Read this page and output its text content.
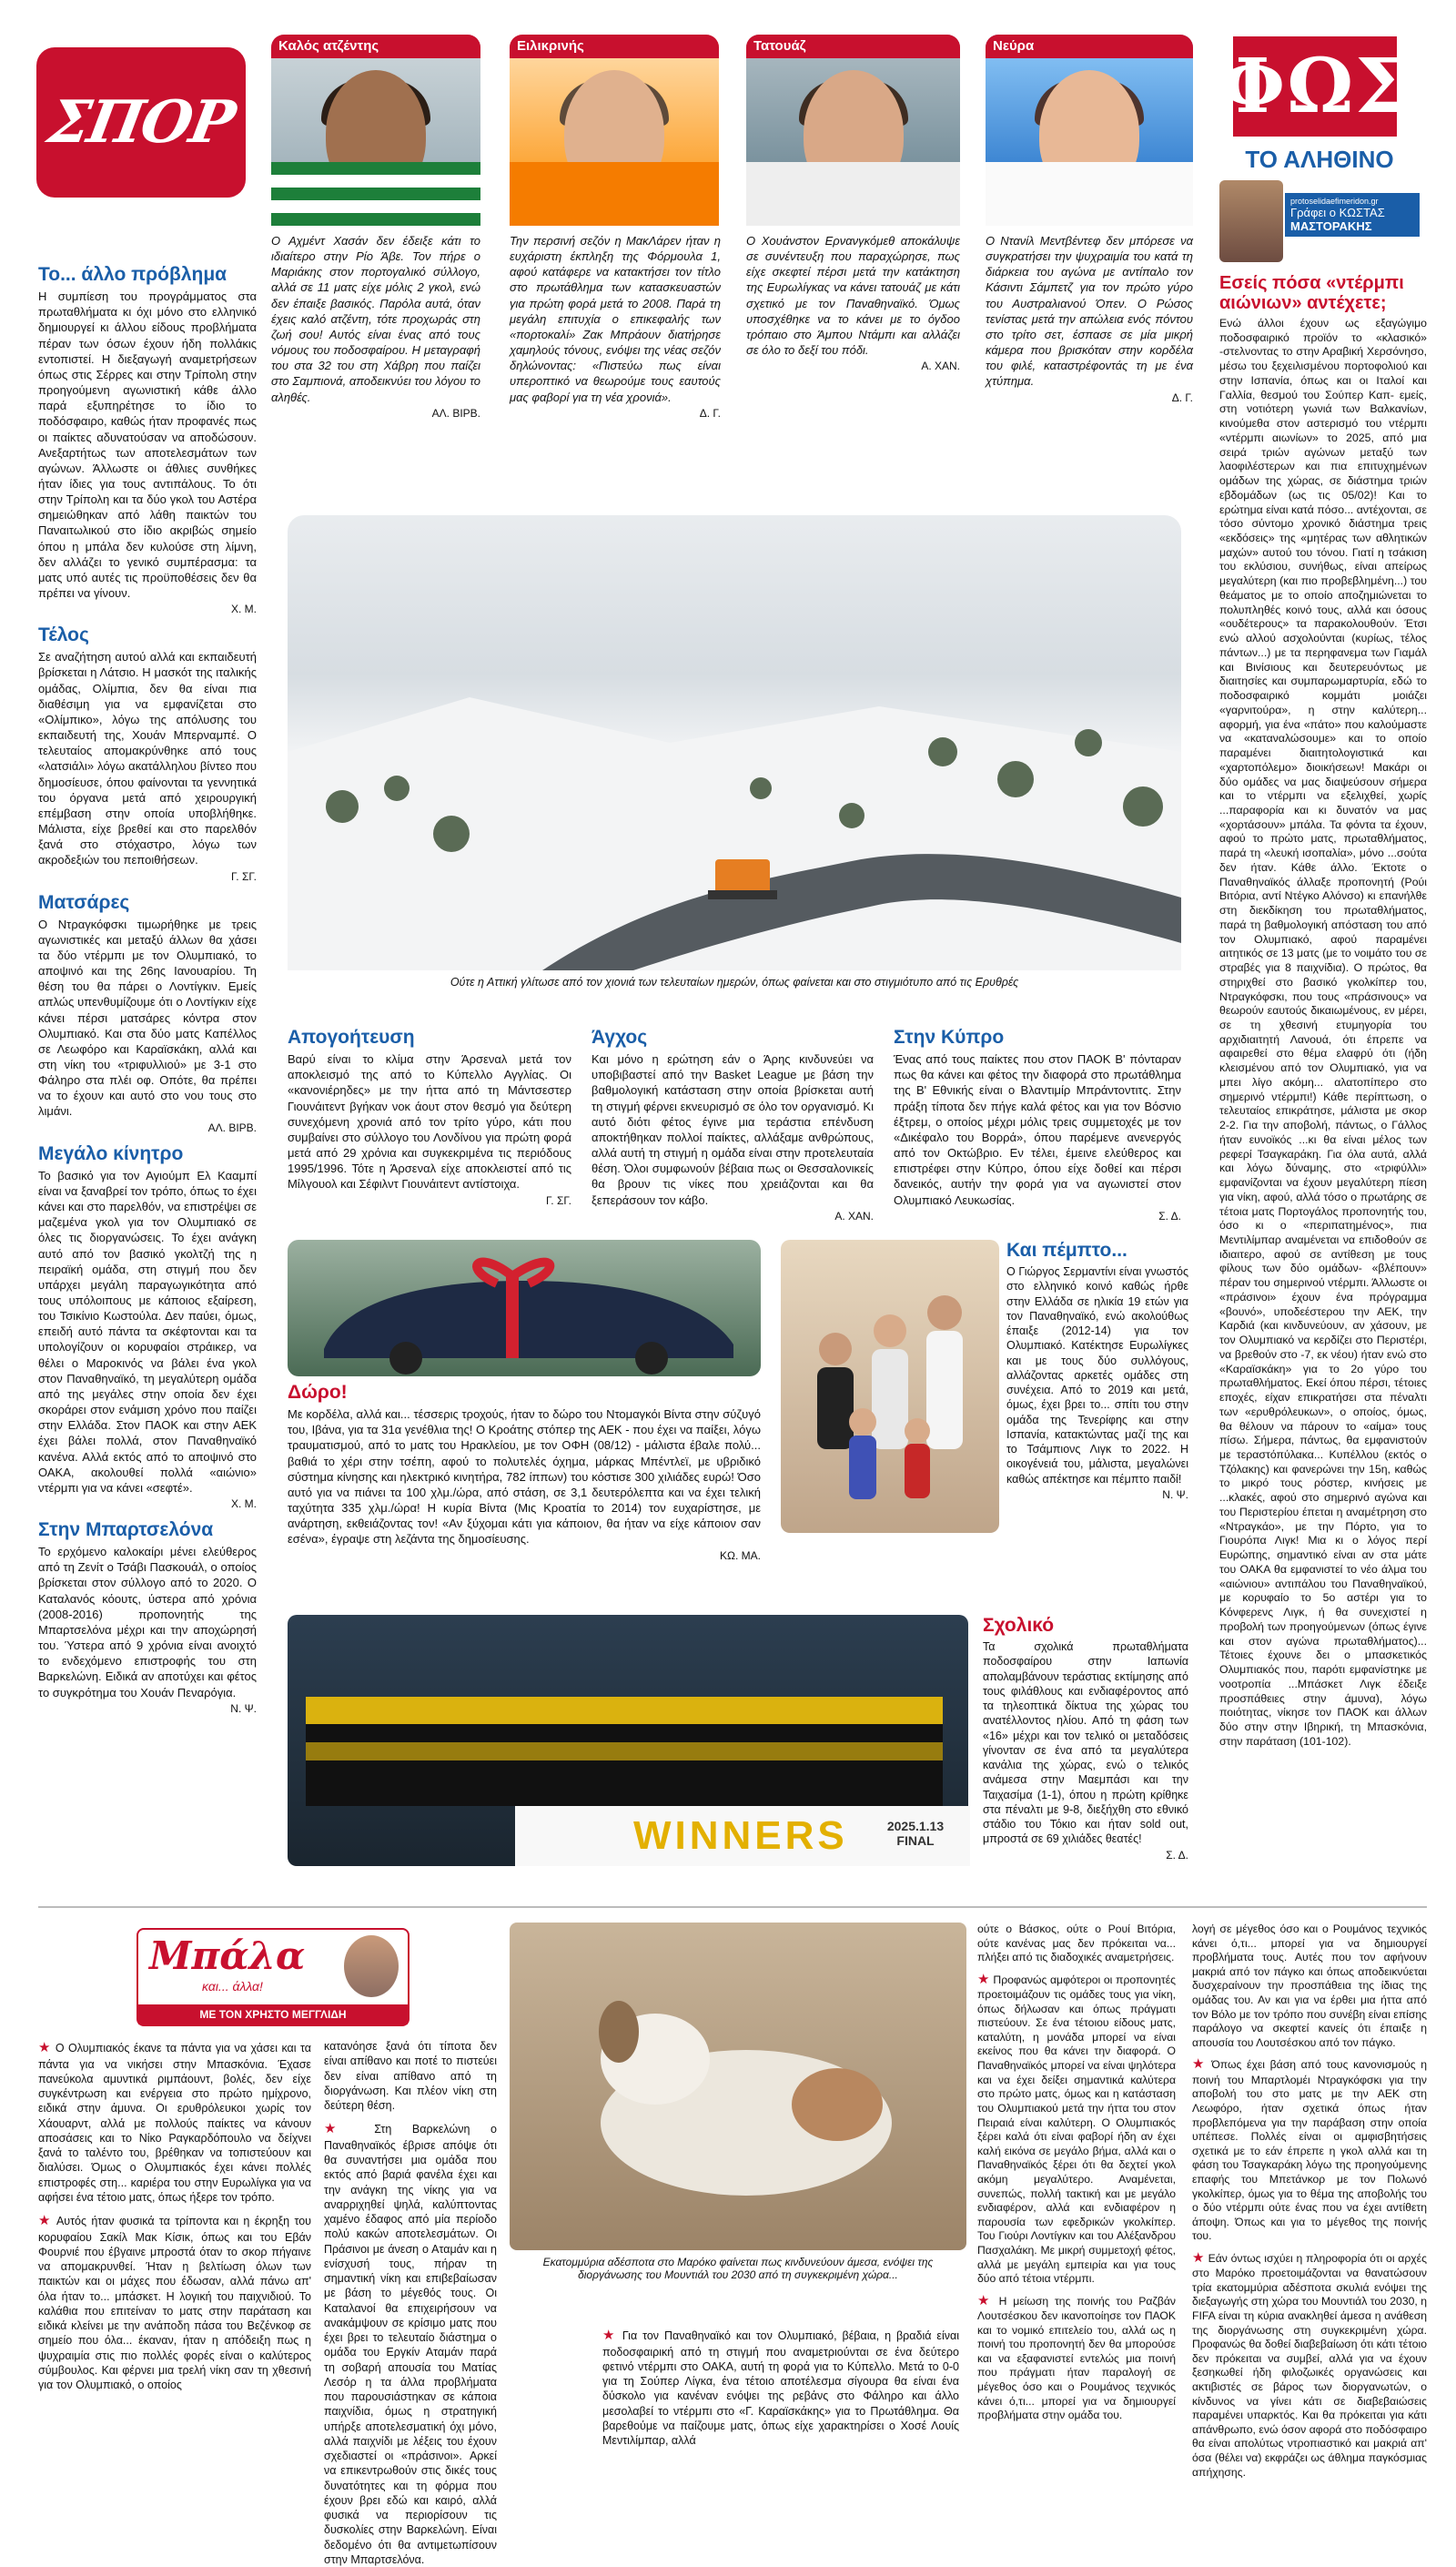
ΣΠΟΡ
Καλός ατζέντης	Ειλικρινής	Τατουάζ	Νεύρα
Ο Αχμέντ Χασάν δεν έδειξε κάτι το ιδιαίτερο στην Ρίο Άβε. Τον πήρε ο Μαριάκης στον πορτογαλικό σύλλογο, αλλά σε 11 ματς είχε μόλις 2 γκολ, ενώ δεν έπαιξε βασικός. Παρόλα αυτά, όταν έχεις καλό ατζέντη, τότε προχωράς στη ζωή σου! Αυτός είναι ένας από τους νόμους του ποδοσφαίρου. Η μεταγραφή του στα 32 του στη Χάβρη που παίζει στο Σαμπιονά, αποδεικνύει του λόγου το αληθές.
ΑΛ. ΒΙΡΒ.
Την περσινή σεζόν η ΜακΛάρεν ήταν η ευχάριστη έκπληξη της Φόρμουλα 1, αφού κατάφερε να κατακτήσει τον τίτλο στο πρωτάθλημα των κατασκευαστών για πρώτη φορά μετά το 2008. Παρά τη μεγάλη επιτυχία ο επικεφαλής των «πορτοκαλί» Ζακ Μπράουν διατήρησε χαμηλούς τόνους, ενόψει της νέας σεζόν δηλώνοντας: «Πιστεύω πως είναι υπεροπτικό να θεωρούμε τους εαυτούς μας φαβορί για τη νέα χρονιά».
Δ. Γ.
Ο Χουάνστον Ερνανγκόμεθ αποκάλυψε σε συνέντευξη που παραχώρησε, πως είχε σκεφτεί πέρσι μετά την κατάκτηση της Ευρωλίγκας να κάνει τατουάζ με κάτι σχετικό με τον Παναθηναϊκό. Όμως υποσχέθηκε να το κάνει με το όγδοο τρόπαιο στο Άμπου Ντάμπι και αλλάζει σε όλο το δεξί του πόδι.
Α. ΧΑΝ.
Ο Ντανίλ Μεντβέντεφ δεν μπόρεσε να συγκρατήσει την ψυχραιμία του κατά τη διάρκεια του αγώνα με αντίπαλο τον Κάσιντι Σάμπετζ για τον πρώτο γύρο του Αυστραλιανού Όπεν. Ο Ρώσος τενίστας μετά την απώλεια ενός πόντου στο τρίτο σετ, έσπασε σε μία μικρή κάμερα που βρισκόταν στην κορδέλα του φιλέ, καταστρέφοντάς τη με ένα χτύπημα.
Δ. Γ.
ΦΩΣ
ΤΟ ΑΛΗΘΙΝΟ
protoselidaefimeridon.gr
Γράφει ο ΚΩΣΤΑΣ
ΜΑΣΤΟΡΑΚΗΣ
Εσείς πόσα «ντέρμπι αιώνιων» αντέχετε;
Ενώ άλλοι έχουν ως εξαγώγιμο ποδοσφαιρικό προϊόν το «κλασικό» -στελνοντας το στην Αραβική Χερσόνησο, μέσω του ξεχειλισμένου πορτοφολιού και στην Ισπανία, όπως και οι Ιταλοί και Γαλλία, θεσμού του Σούπερ Καπ- εμείς, στη νοτιότερη γωνιά των Βαλκανίων, κινούμεθα στον αστερισμό του ντέρμπι «ντέρμπι αιωνίων» το 2025, από μια σειρά τριών αγώνων μεταξύ των λαοφιλέστερων και πια επιτυχημένων ομάδων της χώρας, σε διάστημα τριών εβδομάδων (ως τις 05/02)! Και το ερώτημα είναι κατά πόσο... αντέχονται, σε τόσο σύντομο χρονικό διάστημα τρεις «εκδόσεις» της «μητέρας των αθλητικών μαχών» αυτού του τόνου. Γιατί η τσάκιση του εκλύσιου, συνήθως, είναι απείρως μεγαλύτερη (και πιο προβεβλημένη...) του θεάματος με το οποίο αποζημιώνεται το πολυπληθές κοινό τους, αλλά και όσους «ουδέτερους» τα παρακολουθούν. Έτσι ενώ αλλού ασχολούνται (κυρίως, τέλος πάντων...) με τα περηφανεμα των Γιαμάλ και Βινίσιους και δευτερευόντως με διαιτησίες και συμπαρωμαρτυρία, εδώ το ποδοσφαιρικό κομμάτι μοιάζει «γαρνιτούρα», η στην καλύτερη... αφορμή, για ένα «πάτο» που καλούμαστε να «καταναλώσουμε» και το οποίο παραμένει διαιτητολογιστικά και «χαρτοπόλεμο» διοικήσεων! Μακάρι οι δύο ομάδες να μας διαψεύσουν σήμερα και το ντέρμπι να εξελιχθεί, χωρίς ...παραφορία και κι δυνατόν να μας «χορτάσουν» μπάλα. Τα φόντα τα έχουν, αφού το πρώτο ματς, πρωταθλήματος, παρά τη «λευκή ισοπαλία», μόνο ...σούτα δεν ήταν. Κάθε άλλο. Έκτοτε ο Παναθηναϊκός άλλαξε προπονητή (Ρούι Βιτόρια, αντί Ντέγκο Αλόνσο) κι επανήλθε στη διεκδίκηση του πρωταθλήματος, παρά τη βαθμολογική απόσταση του από τον Ολυμπιακό, αφού παραμένει αιτητικός σε 13 ματς (με το νοιμάτο του σε στραβές για 8 παιχνίδια). Ο πρώτος, θα στηριχθεί στο βασικό γκολκίπερ του, Ντραγκόφσκι, που τους «πράσινους» να θεωρούν εαυτούς δικαιωμένους, εν μέρει, σε τη χθεσινή ετυμηγορία του αρχιδιαιτητή Λανουά, ότι έπρεπε να αφαιρεθεί στο θέμα ελαφρύ ότι (ήδη κλεισμένου από τον Ολυμπιακό, για να μπει λίγο ακόμη... αλατοπίπερο στο σημερινό ντέρμπι!) Κάθε περίπτωση, ο τελευταίος επικράτησε, μάλιστα με σκορ 2-2. Για την αποβολή, πάντως, ο Γάλλος ήταν ευνοϊκός ...κι θα είναι μέλος των ρεφερί Τσαγκαράκη. Για όλα αυτά, αλλά και λόγω δύναμης, στο «τριφύλλι» εμφανίζονται να έχουν μεγαλύτερη πίεση για νίκη, αφού, αλλά τόσο ο πρωτάρης σε τέτοια ματς Πορτογάλος προπονητής του, όσο κι ο «περιπατημένος», πια Μεντιλίμπαρ αναμένεται να επιδοθούν σε ιδιαιτερο, αφού σε αντίθεση με τους φίλους των δύο ομάδων- «βλέπουν» πέραν του σημερινού ντέρμπι. Άλλωστε οι «πράσινοι» έχουν ένα πρόγραμμα «βουνό», υποδεέστερου την ΑΕΚ, την Καρδιά (και κινδυνεύουν, αν χάσουν, με τον Ολυμπιακό να κερδίζει στο Περιστέρι, να βρεθούν στο -7, εκ νέου) ήταν ενώ στο «Καραϊσκάκη» για το 2ο γύρο του πρωταθλήματος. Εκεί όπου πέρσι, τέτοιες εποχές, είχαν επικρατήσει στα πέναλτι των «ερυθρόλευκων», ο οποίος, όμως, θα θέλουν να πάρουν το «αίμα» τους πίσω. Σήμερα, πάντως, θα εμφανιστούν με τεραστόπύλακα... Κυπέλλου (εκτός ο Τζόλακης) και φανερώνει την 15η, καθώς το μικρό τους ρόστερ, κινήσεις με ...κλακές, αφού στο σημερινό αγώνα και του Περιστερίου έπεται η αναμέτρηση στο «Ντραγκάο», με την Πόρτο, για το Γιουρόπα Λιγκ! Μια κι ο λόγος περί Ευρώπης, σημαντικό είναι αν στα μάτε του ΟΑΚΑ θα εμφανιστεί το νέο άλμα του «αιώνιου» αντιπάλου του Παναθηναϊκού, με κορυφαίο το 5ο αστέρι για το Κόνφερενς Λιγκ, ή θα συνεχιστεί η προβολή των προηγούμενων (όπως έγινε και στον αγώνα πρωταθλήματος)... Τέτοιες έχουνε δει ο μπασκετικός Ολυμπιακός που, παρότι εμφανίστηκε με νοοτροπία ...Μπάσκετ Λιγκ έδειξε προσπάθειες στην άμυνα), λόγω ποιότητας, νίκησε τον ΠΑΟΚ και άλλων δύο στην στην Ιβηρική, τη Μπασκόνια, στην παράταση (101-102).
Το... άλλο πρόβλημα
Η συμπίεση του προγράμματος στα πρωταθλήματα κι όχι μόνο στο ελληνικό δημιουργεί κι άλλου είδους προβλήματα πέραν των όσων έχουν ήδη πολλάκις εντοπιστεί. Η διεξαγωγή αναμετρήσεων όπως στις Σέρρες και στην Τρίπολη στην προηγούμενη αγωνιστική κάθε άλλο παρά εξυπηρέτησε το ίδιο το ποδόσφαιρο, καθώς ήταν προφανές πως οι παίκτες αδυνατούσαν να αποδώσουν. Ανεξαρτήτως των αποτελεσμάτων των αγώνων. Άλλωστε οι άθλιες συνθήκες ήταν ίδιες για τους αντιπάλους. Το ότι στην Τρίπολη και τα δύο γκολ του Αστέρα σημειώθηκαν από λάθη παικτών του Παναιτωλικού στο ίδιο ακριβώς σημείο όπου η μπάλα δεν κυλούσε στη λίμνη, δεν αλλάζει το γενικό συμπέρασμα: τα ματς υπό αυτές τις προϋποθέσεις δεν θα πρέπει να γίνουν.
Χ. Μ.
Τέλος
Σε αναζήτηση αυτού αλλά και εκπαιδευτή βρίσκεται η Λάτσιο. Η μασκότ της ιταλικής ομάδας, Ολίμπια, δεν θα είναι πια διαθέσιμη για να εμφανίζεται στο «Ολίμπικο», λόγω της απόλυσης του εκπαιδευτή της, Χουάν Μπερναμπέ. Ο τελευταίος απομακρύνθηκε από τους «λατσιάλι» λόγω ακατάλληλου βίντεο που δημοσίευσε, όπου φαίνονται τα γεννητικά του όργανα μετά από χειρουργική επέμβαση στην οποία υποβλήθηκε. Μάλιστα, είχε βρεθεί και στο παρελθόν ξανά στο στόχαστρο, λόγω των ακροδεξιών του πεποιθήσεων.
Γ. ΣΓ.
Ματσάρες
Ο Ντραγκόφσκι τιμωρήθηκε με τρεις αγωνιστικές και μεταξύ άλλων θα χάσει τα δύο ντέρμπι με τον Ολυμπιακό, το αποψινό και της 26ης Ιανουαρίου. Τη θέση του θα πάρει ο Λοντίγκιν. Εμείς απλώς υπενθυμίζουμε ότι ο Λοντίγκιν είχε κάνει πέρσι ματσάρες κόντρα στον Ολυμπιακό. Και στα δύο ματς Καπέλλος σε Λεωφόρο και Καραϊσκάκη, αλλά και στη νίκη του «τριφυλλιού» με 3-1 στο Φάληρο στα πλέι οφ. Οπότε, θα πρέπει να το έχουν και αυτό στο νου τους στο λιμάνι.
ΑΛ. ΒΙΡΒ.
Μεγάλο κίνητρο
Το βασικό για τον Αγιούμπ Ελ Κααμπί είναι να ξαναβρεί τον τρόπο, όπως το έχει κάνει και στο παρελθόν, να επιστρέψει σε μαζεμένα γκολ για τον Ολυμπιακό σε όλες τις διοργανώσεις. Το έχει ανάγκη αυτό από τον βασικό γκολτζή της η πειραϊκή ομάδα, στη στιγμή που δεν υπάρχει μεγάλη παραγωγικότητα από τους υπόλοιπους με κάποιος εξαίρεση, του Τσικίνιο Κωστούλα. Δεν παύει, όμως, επειδή αυτό πάντα τα σκέφτονται και τα υπολογίζουν οι κορυφαίοι στράικερ, να θέλει ο Μαροκινός να βάλει ένα γκολ στον Παναθηναϊκό, τη μεγαλύτερη ομάδα από της μεγάλες στην οποία δεν έχει σκοράρει στον ενάμιση χρόνο που παίζει στην Ελλάδα. Στον ΠΑΟΚ και στην ΑΕΚ έχει βάλει πολλά, στον Παναθηναϊκό κανένα. Αλλά εκτός από το αποψινό στο ΟΑΚΑ, ακολουθεί πολλά «αιώνιο» ντέρμπι για να κάνει «σεφτέ».
Χ. Μ.
Στην Μπαρτσελόνα
Το ερχόμενο καλοκαίρι μένει ελεύθερος από τη Ζενίτ ο Τσάβι Πασκουάλ, ο οποίος βρίσκεται στον σύλλογο από το 2020. Ο Καταλανός κόουτς, ύστερα από χρόνια (2008-2016) προπονητής της Μπαρτσελόνα μέχρι και την αποχώρησή του. Ύστερα από 9 χρόνια είναι ανοιχτό το ενδεχόμενο επιστροφής του στη Βαρκελώνη. Ειδικά αν αποτύχει και φέτος το συγκρότημα του Χουάν Πεναρόγια.
Ν. Ψ.
Ούτε η Αττική γλίτωσε από τον χιονιά των τελευταίων ημερών, όπως φαίνεται και στο στιγμιότυπο από τις Ερυθρές
Απογοήτευση
Βαρύ είναι το κλίμα στην Άρσεναλ μετά τον αποκλεισμό της από το Κύπελλο Αγγλίας. Οι «κανονιέρηδες» με την ήττα από τη Μάντσεστερ Γιουνάιτεντ βγήκαν νοκ άουτ στον θεσμό για δεύτερη συνεχόμενη χρονιά από τον τρίτο γύρο, κάτι που συμβαίνει στο σύλλογο του Λονδίνου για πρώτη φορά μετά από 29 χρόνια και συγκεκριμένα τις περιόδους 1995/1996. Τότε η Άρσεναλ είχε αποκλειστεί από τις Μίλγουολ και Σέφιλντ Γιουνάιτεντ αντίστοιχα.
Γ. ΣΓ.
Άγχος
Και μόνο η ερώτηση εάν ο Άρης κινδυνεύει να υποβιβαστεί από την Basket League με βάση την βαθμολογική κατάσταση στην οποία βρίσκεται αυτή τη στιγμή φέρνει εκνευρισμό σε όλο τον οργανισμό. Κι αυτό διότι φέτος έγινε μια τεράστια επένδυση αποκτήθηκαν πολλοί παίκτες, αλλάξαμε ανθρώπους, αλλά αυτή τη στιγμή η ομάδα είναι στην προτελευταία θέση. Όλοι συμφωνούν βέβαια πως οι Θεσσαλονικείς θα βρουν τις νίκες που χρειάζονται και θα ξεπεράσουν τον κάβο.
Α. ΧΑΝ.
Στην Κύπρο
Ένας από τους παίκτες που στον ΠΑΟΚ Β' πόνταραν πως θα κάνει και φέτος την διαφορά στο πρωτάθλημα της Β' Εθνικής είναι ο Βλαντιμίρ Μπράντοντιτς. Στην πράξη τίποτα δεν πήγε καλά φέτος και για τον Βόσνιο έξτρεμ, ο οποίος μέχρι μόλις τρεις συμμετοχές με τον «Δικέφαλο του Βορρά», όπου παρέμενε ανενεργός από τον Οκτώβριο. Εν τέλει, έμεινε ελεύθερος και επιστρέφει στην Κύπρο, όπου είχε δοθεί και πέρσι δανεικός, αυτήν την φορά για να αγωνιστεί στον Ολυμπιακό Λευκωσίας.
Σ. Δ.
Δώρο!
Με κορδέλα, αλλά και... τέσσερις τροχούς, ήταν το δώρο του Ντομαγκόι Βίντα στην σύζυγό του, Ιβάνα, για τα 31α γενέθλια της! Ο Κροάτης στόπερ της ΑΕΚ - που έχει να παίξει, λόγω τραυματισμού, από το ματς του Ηρακλείου, με τον ΟΦΗ (08/12) - μάλιστα έβαλε πολύ... βαθιά το χέρι στην τσέπη, αφού το πολυτελές όχημα, μάρκας Μπέντλεϊ, με υβριδικό σύστημα κίνησης και ηλεκτρικό κινητήρα, 782 ίππων) του κόστισε 300 χιλιάδες ευρώ! Όσο αυτό για να πιάνει τα 100 χλμ./ώρα, από στάση, σε 3,1 δευτερόλεπτα και να έχει τελική ταχύτητα 335 χλμ./ώρα! Η κυρία Βίντα (Μις Κροατία το 2014) τον ευχαρίστησε, με ανάρτηση, εκθειάζοντας τον! «Αν ξύχομαι κάτι για κάποιον, θα ήταν να είχε κάποιον σαν εσένα», έγραψε στη λεζάντα της δημοσίευσης.
ΚΩ. ΜΑ.
Και πέμπτο...
Ο Γιώργος Σερμαντίνι είναι γνωστός στο ελληνικό κοινό καθώς ήρθε στην Ελλάδα σε ηλικία 19 ετών για τον Παναθηναϊκό, ενώ ακολούθως έπαιξε (2012-14) για τον Ολυμπιακό. Κατέκτησε Ευρωλίγκες και με τους δύο συλλόγους, αλλάζοντας αρκετές ομάδες στη συνέχεια. Από το 2019 και μετά, όμως, έχει βρει το... σπίτι του στην ομάδα της Τενερίφης και στην Ισπανία, κατακτώντας μαζί της και το Τσάμπιονς Λιγκ το 2022. Η οικογένειά του, μάλιστα, μεγαλώνει καθώς απέκτησε και πέμπτο παιδί!
Ν. Ψ.
WINNERS	2025.1.13 FINAL
Σχολικό
Τα σχολικά πρωταθλήματα ποδοσφαίρου στην Ιαπωνία απολαμβάνουν τεράστιας εκτίμησης από τους φιλάθλους και ενδιαφέροντος από τα τηλεοπτικά δίκτυα της χώρας του ανατέλλοντος ηλίου. Από τη φάση των «16» μέχρι και τον τελικό οι μεταδόσεις γίνονταν σε ένα από τα μεγαλύτερα κανάλια της χώρας, ενώ ο τελικός ανάμεσα στην Μαεμπάσι και την Ταιχασίμα (1-1), όπου η πρώτη κρίθηκε στα πέναλτι με 9-8, διεξήχθη στο εθνικό στάδιο του Τόκιο και ήταν sold out, μπροστά σε 69 χιλιάδες θεατές!
Σ. Δ.
Μπάλα
και... άλλα!
ΜΕ ΤΟΝ ΧΡΗΣΤΟ ΜΕΓΓΛΙΔΗ

★ Ο Ολυμπιακός έκανε τα πάντα για να χάσει και τα πάντα για να νικήσει στην Μπασκόνια. Έχασε πανεύκολα αμυντικά ριμπάουντ, βολές, δεν είχε συγκέντρωση και ενέργεια στο πρώτο ημίχρονο, ειδικά στην άμυνα. Οι ερυθρόλευκοι χωρίς τον Χάουαρντ, αλλά με πολλούς παίκτες να κάνουν αποσάσεις και το Νίκο Ραγκαρδόπουλο να δείχνει ξανά το ταλέντο του, βρέθηκαν να τοπιστεύουν και διαλύσει. Όμως ο Ολυμπιακός έχει κάνει πολλές επιστροφές στη... καριέρα του στην Ευρωλίγκα για να αφήσει ένα τέτοιο ματς, όπως ήξερε τον τρόπο.

★ Αυτός ήταν φυσικά τα τρίποντα και η έκρηξη του κορυφαίου Σακίλ Μακ Κίσικ, όπως και του Εβάν Φουρνιέ που έβγαινε μπροστά όταν το σκορ πήγαινε να απομακρυνθεί. Ήταν η βελτίωση όλων των παικτών και οι μάχες που έδωσαν, αλλά πάνω απ' όλα ήταν το... μπάσκετ. Η λογική του παιχνιδιού. Το καλάθια που επιτείναν το ματς στην παράταση και ειδικά κλείνει με την ανάποδη πάσα του Βεζένκοφ σε σημείο που όλα... έκαναν, ήταν η απόδειξη πως η ψυχραιμία στις πιο πολλές φορές είναι ο καλύτερος σύμβουλος. Και φέρνει μια τρελή νίκη σαν τη χθεσινή για τον Ολυμπιακό, ο οποίος

κατανόησε ξανά ότι τίποτα δεν είναι απίθανο και ποτέ το πιστεύει δεν είναι απίθανο από τη διοργάνωση. Και πλέον νίκη στη δεύτερη θέση.

★ Στη Βαρκελώνη ο Παναθηναϊκός έβρισε απόψε ότι θα συναντήσει μια ομάδα που εκτός από βαριά φανέλα έχει και την ανάγκη της νίκης για να αναρριχηθεί ψηλά, καλύπτοντας χαμένο έδαφος από μία περίοδο πολύ κακών αποτελεσμάτων. Οι Πράσινοι με άνεση ο Αταμάν και η ενίσχυσή τους, πήραν τη σημαντική νίκη και επιβεβαίωσαν με βάση το μέγεθός τους. Οι Καταλανοί θα επιχειρήσουν να ανακάμψουν σε κρίσιμο ματς που έχει βρει το τελευταίο διάστημα ο ομάδα του Εργκίν Αταμάν παρά τη σοβαρή απουσία του Ματίας Λεσόρ η τα άλλα προβλήματα που παρουσιάστηκαν σε κάποια παιχνίδια, όμως η στρατηγική υπήρξε αποτελεσματική όχι μόνο, αλλά παιχνίδι με λέξεις του έχουν σχεδιαστεί οι «πράσινοι». Αρκεί να επικεντρωθούν στις δικές τους δυνατότητες και τη φόρμα που έχουν βρει εδώ και καιρό, αλλά φυσικά να περιορίσουν τις δυσκολίες στην Βαρκελώνη. Είναι δεδομένο ότι θα αντιμετωπίσουν στην Μπαρτσελόνα.

Εκατομμύρια αδέσποτα στο Μαρόκο φαίνεται πως κινδυνεύουν άμεσα, ενόψει της διοργάνωσης του Μουντιάλ του 2030 από τη συγκεκριμένη χώρα...

★ Για τον Παναθηναϊκό και τον Ολυμπιακό, βέβαια, η βραδιά είναι ποδοσφαιρική από τη στιγμή που αναμετριούνται σε ένα δεύτερο φετινό ντέρμπι στο ΟΑΚΑ, αυτή τη φορά για το Κύπελλο. Μετά το 0-0 για τη Σούπερ Λίγκα, ένα τέτοιο αποτέλεσμα σίγουρα θα είναι ένα δύσκολο για κανέναν ενόψει της ρεβάνς στο Φάληρο και άλλο μεσολαβεί το ντέρμπι στο «Γ. Καραϊσκάκης» για το Πρωτάθλημα. Θα βαρεθούμε να παίζουμε ματς, όπως είχε χαρακτηρίσει ο Χοσέ Λουίς Μεντιλίμπαρ, αλλά

ούτε ο Βάσκος, ούτε ο Ρουί Βιτόρια, ούτε κανένας μας δεν πρόκειται να... πλήξει από τις διαδοχικές αναμετρήσεις.

★ Προφανώς αμφότεροι οι προπονητές προετοιμάζουν τις ομάδες τους για νίκη, όπως δήλωσαν και όπως πράγματι πιστεύουν. Σε ένα τέτοιου είδους ματς, καταλύτη, η μονάδα μπορεί να είναι εκείνος που θα κάνει την διαφορά. Ο Παναθηναϊκός μπορεί να είναι ψηλότερα και να έχει δείξει σημαντικά καλύτερα στο πρώτο ματς, όμως και η κατάσταση του Ολυμπιακού μετά την ήττα του στον Πειραιά είναι καλύτερη. Ο Ολυμπιακός ξέρει καλά ότι είναι φαβορί ήδη αν έχει καλή εικόνα σε μεγάλο βήμα, αλλά και ο Παναθηναϊκός ξέρει ότι θα δεχτεί γκολ ακόμη μεγαλύτερο. Αναμένεται, συνεπώς, πολλή τακτική και με μεγάλο ενδιαφέρον, αλλά και ενδιαφέρον η παρουσία των εφεδρικών γκολκίπερ. Του Γιούρι Λοντίγκιν και του Αλέξανδρου Πασχαλάκη. Με μικρή συμμετοχή φέτος, αλλά με μεγάλη εμπειρία και για τους δύο από τέτοια ντέρμπι.

★ Η μείωση της ποινής του Ραζβάν Λουτσέσκου δεν ικανοποίησε τον ΠΑΟΚ και το νομικό επιτελείο του, αλλά ως η ποινή του προπονητή δεν θα μπορούσε και να εξαφανιστεί εντελώς μια ποινή που πράγματι ήταν παραλογή σε μέγεθος όσο και ο Ρουμάνος τεχνικός κάνει ό,τι... μπορεί για να δημιουργεί προβλήματα στην ομάδα του.

λογή σε μέγεθος όσο και ο Ρουμάνος τεχνικός κάνει ό,τι... μπορεί για να δημιουργεί προβλήματα τους. Αυτές που τον αφήνουν μακριά από τον πάγκο και όπως αποδεικνύεται δυσχεραίνουν την προσπάθεια της ίδιας της ομάδας του. Αν και για να έρθει μια ήττα από τον Βόλο με τον τρόπο που συνέβη είναι επίσης παράλογο να σκεφτεί κανείς ότι έπαιξε η απουσία του Λουτσέσκου από τον πάγκο.

★ Όπως έχει βάση από τους κανονισμούς η ποινή του Μπαρτλομέι Ντραγκόφσκι για την αποβολή του στο ματς με την ΑΕΚ στη Λεωφόρο, ήταν σχετικά όπως ήταν προβλεπόμενα για την παράβαση στην οποία υπέπεσε. Πολλές είναι οι αμφισβητήσεις σχετικά με το εάν έπρεπε η γκολ αλλά και τη φάση του Τσαγκαράκη λόγω της προηγούμενης επαφής του Μπετάνκορ με τον Πολωνό γκολκίπερ, όμως για το θέμα της αποβολής του ο δύο ντέρμπι ούτε ένας που να έχει αντίθετη άποψη. Όπως και για το μέγεθος της ποινής του.

★ Εάν όντως ισχύει η πληροφορία ότι οι αρχές στο Μαρόκο προετοιμάζονται να θανατώσουν τρία εκατομμύρια αδέσποτα σκυλιά ενόψει της διεξαγωγής στη χώρα του Μουντιάλ του 2030, η FIFA είναι τη κύρια ανακληθεί άμεσα η ανάθεση της διοργάνωσης στη συγκεκριμένη χώρα. Προφανώς θα δοθεί διαβεβαίωση ότι κάτι τέτοιο δεν πρόκειται να συμβεί, αλλά για να έχουν ξεσηκωθεί ήδη φιλοζωικές οργανώσεις και ακτιβιστές σε βάρος των διοργανωτών, ο κίνδυνος να γίνει κάτι σε διαβεβαιώσεις παραμένει υπαρκτός. Και θα πρόκειται για κάτι απάνθρωπο, ενώ όσον αφορά στο ποδόσφαιρο θα είναι απολύτως ντροπιαστικό και μακριά απ' όσα (θέλει να) εκφράζει ως άθλημα παγκόσμιας απήχησης.
